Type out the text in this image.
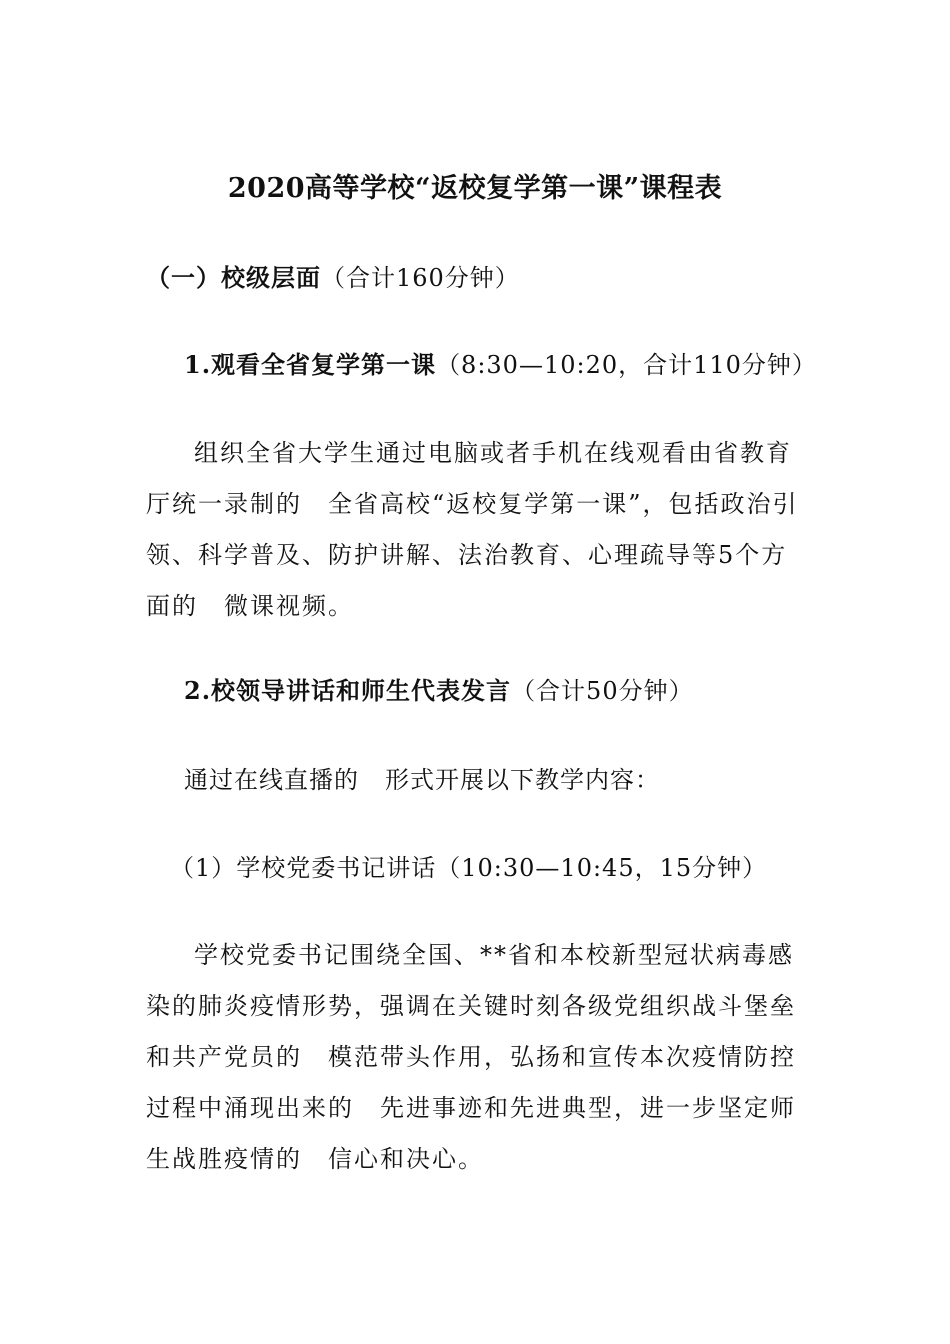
2020高等学校“返校复学第一课”课程表
（一）校级层面（合计160分钟）
1.观看全省复学第一课（8:30—10:20，合计110分钟）
组织全省大学生通过电脑或者手机在线观看由省教育厅统一录制的 全省高校“返校复学第一课”，包括政治引领、科学普及、防护讲解、法治教育、心理疏导等5个方面的 微课视频。
2.校领导讲话和师生代表发言（合计50分钟）
通过在线直播的 形式开展以下教学内容：
（1）学校党委书记讲话（10:30—10:45，15分钟）
学校党委书记围绕全国、**省和本校新型冠状病毒感染的肺炎疫情形势，强调在关键时刻各级党组织战斗堡垒和共产党员的 模范带头作用，弘扬和宣传本次疫情防控过程中涌现出来的 先进事迹和先进典型，进一步坚定师生战胜疫情的 信心和决心。
